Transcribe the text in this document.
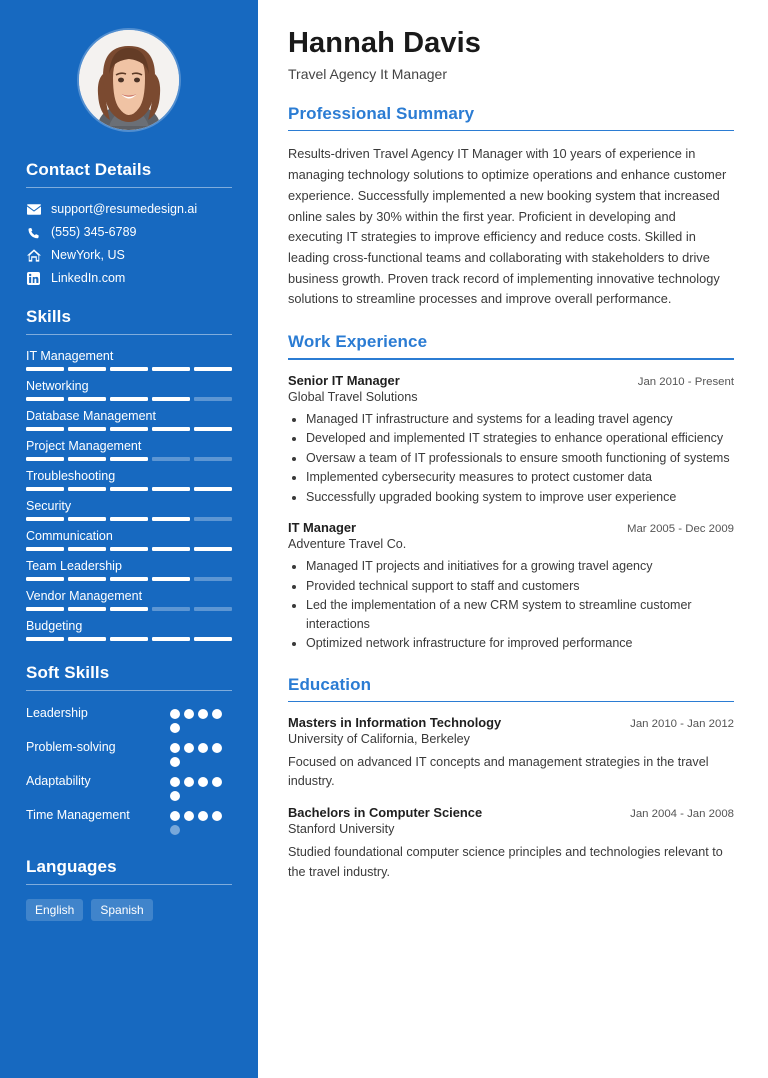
Contact Details
support@resumedesign.ai
(555) 345-6789
NewYork, US
LinkedIn.com
Skills
IT Management
Networking
Database Management
Project Management
Troubleshooting
Security
Communication
Team Leadership
Vendor Management
Budgeting
Soft Skills
Leadership
Problem-solving
Adaptability
Time Management
Languages
English	Spanish
Hannah Davis
Travel Agency It Manager
Professional Summary

Results-driven Travel Agency IT Manager with 10 years of experience in managing technology solutions to optimize operations and enhance customer experience. Successfully implemented a new booking system that increased online sales by 30% within the first year. Proficient in developing and executing IT strategies to improve efficiency and reduce costs. Skilled in leading cross-functional teams and collaborating with stakeholders to drive business growth. Proven track record of implementing innovative technology solutions to streamline processes and improve overall performance.

Work Experience
Senior IT Manager	Jan 2010 - Present
Global Travel Solutions
• Managed IT infrastructure and systems for a leading travel agency
• Developed and implemented IT strategies to enhance operational efficiency
• Oversaw a team of IT professionals to ensure smooth functioning of systems
• Implemented cybersecurity measures to protect customer data
• Successfully upgraded booking system to improve user experience
IT Manager	Mar 2005 - Dec 2009
Adventure Travel Co.
• Managed IT projects and initiatives for a growing travel agency
• Provided technical support to staff and customers
• Led the implementation of a new CRM system to streamline customer interactions
• Optimized network infrastructure for improved performance
Education
Masters in Information Technology	Jan 2010 - Jan 2012
University of California, Berkeley
Focused on advanced IT concepts and management strategies in the travel industry.
Bachelors in Computer Science	Jan 2004 - Jan 2008
Stanford University
Studied foundational computer science principles and technologies relevant to the travel industry.
